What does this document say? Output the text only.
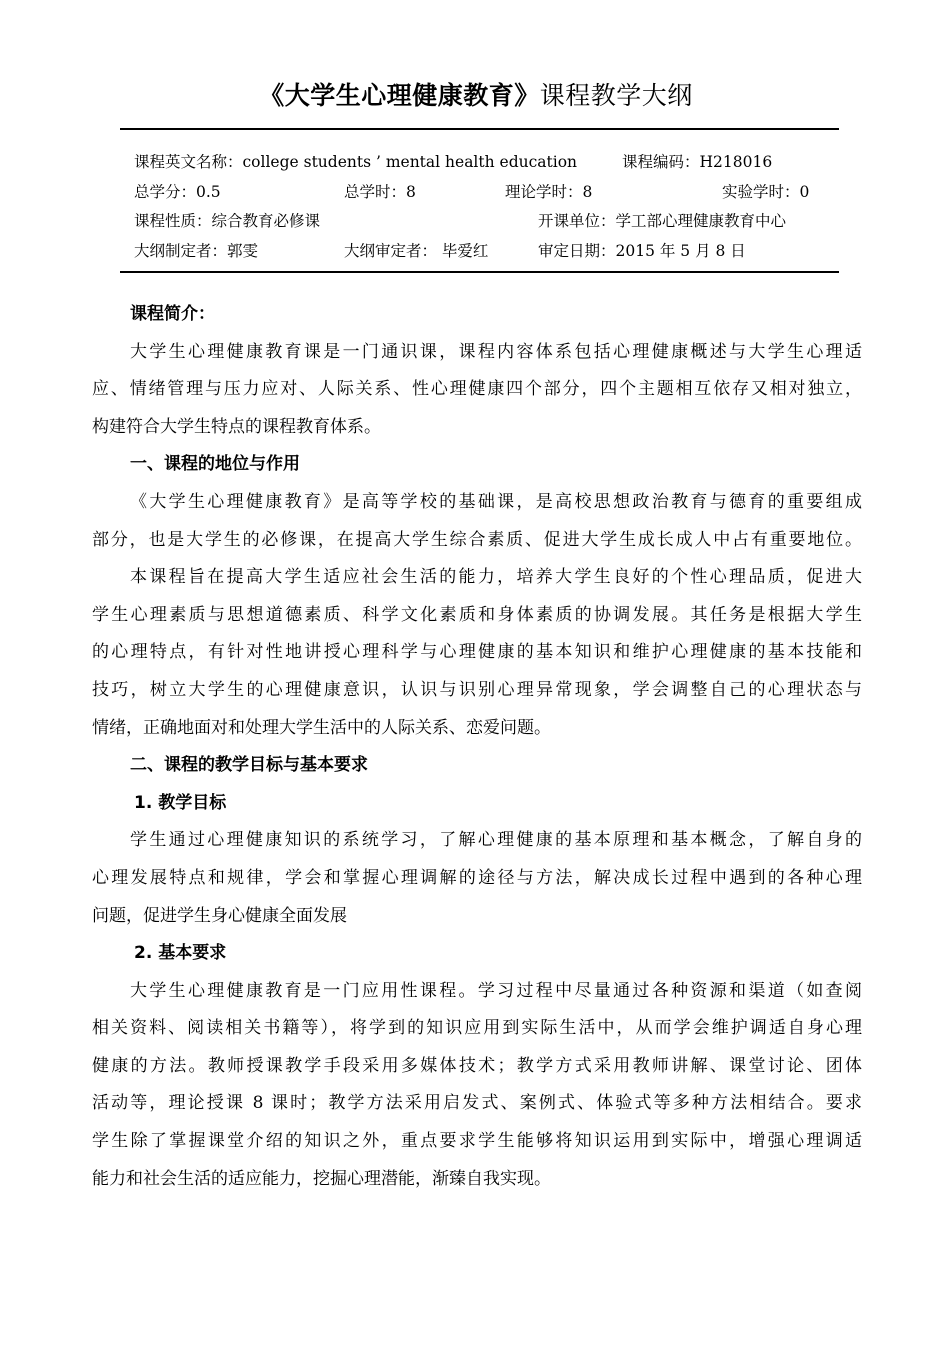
《大学生心理健康教育》课程教学大纲
课程英文名称：college students ’ mental health education	课程编码：H218016
总学分：0.5	总学时：8	理论学时：8	实验学时：0
课程性质：综合教育必修课	开课单位：学工部心理健康教育中心
大纲制定者：郭雯	大纲审定者： 毕爱红	审定日期：2015 年 5 月 8 日
课程简介：
大学生心理健康教育课是一门通识课，课程内容体系包括心理健康概述与大学生心理适
应、情绪管理与压力应对、人际关系、性心理健康四个部分，四个主题相互依存又相对独立，
构建符合大学生特点的课程教育体系。
一、课程的地位与作用
《大学生心理健康教育》是高等学校的基础课，是高校思想政治教育与德育的重要组成
部分，也是大学生的必修课，在提高大学生综合素质、促进大学生成长成人中占有重要地位。
本课程旨在提高大学生适应社会生活的能力，培养大学生良好的个性心理品质，促进大
学生心理素质与思想道德素质、科学文化素质和身体素质的协调发展。其任务是根据大学生
的心理特点，有针对性地讲授心理科学与心理健康的基本知识和维护心理健康的基本技能和
技巧，树立大学生的心理健康意识，认识与识别心理异常现象，学会调整自己的心理状态与
情绪，正确地面对和处理大学生活中的人际关系、恋爱问题。
二、课程的教学目标与基本要求
1. 教学目标
学生通过心理健康知识的系统学习，了解心理健康的基本原理和基本概念，了解自身的
心理发展特点和规律，学会和掌握心理调解的途径与方法，解决成长过程中遇到的各种心理
问题，促进学生身心健康全面发展
2. 基本要求
大学生心理健康教育是一门应用性课程。学习过程中尽量通过各种资源和渠道（如查阅
相关资料、阅读相关书籍等），将学到的知识应用到实际生活中，从而学会维护调适自身心理
健康的方法。教师授课教学手段采用多媒体技术；教学方式采用教师讲解、课堂讨论、团体
活动等，理论授课 8 课时；教学方法采用启发式、案例式、体验式等多种方法相结合。要求
学生除了掌握课堂介绍的知识之外，重点要求学生能够将知识运用到实际中，增强心理调适
能力和社会生活的适应能力，挖掘心理潜能，渐臻自我实现。
